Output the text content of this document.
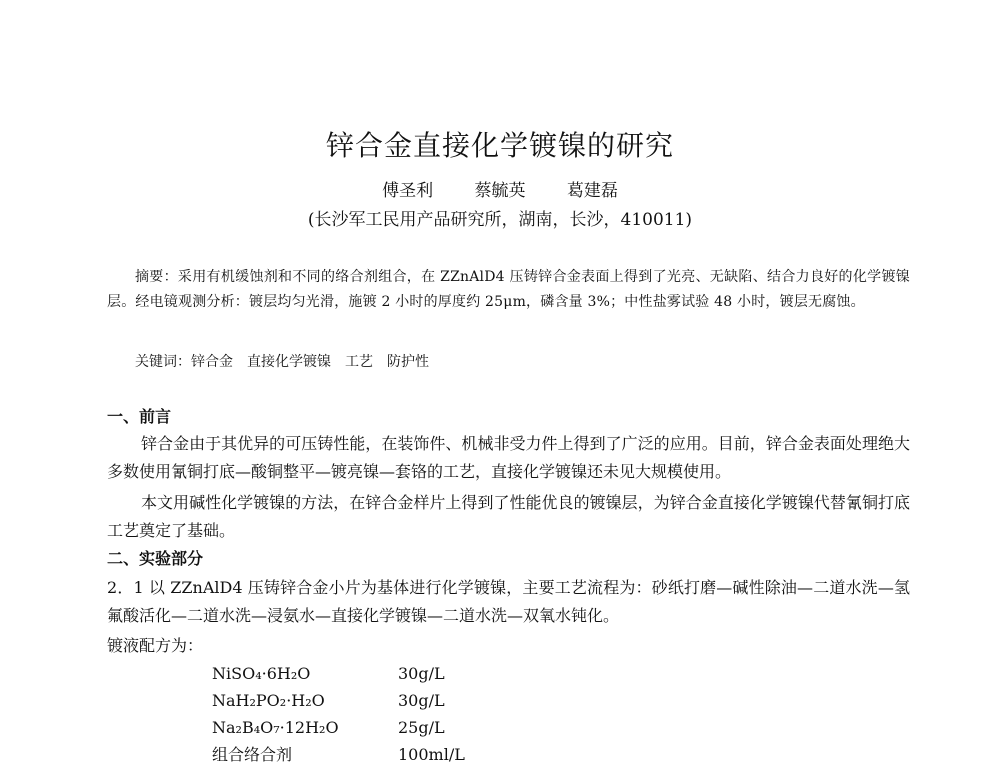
锌合金直接化学镀镍的研究
傅圣利 蔡毓英 葛建磊
(长沙军工民用产品研究所，湖南，长沙，410011)
摘要：采用有机缓蚀剂和不同的络合剂组合，在 ZZnAlD4 压铸锌合金表面上得到了光亮、无缺陷、结合力良好的化学镀镍层。经电镜观测分析：镀层均匀光滑，施镀 2 小时的厚度约 25μm，磷含量 3%；中性盐雾试验 48 小时，镀层无腐蚀。
关键词：锌合金 直接化学镀镍 工艺 防护性
一、前言
锌合金由于其优异的可压铸性能，在装饰件、机械非受力件上得到了广泛的应用。目前，锌合金表面处理绝大多数使用氰铜打底—酸铜整平—镀亮镍—套铬的工艺，直接化学镀镍还未见大规模使用。
本文用碱性化学镀镍的方法，在锌合金样片上得到了性能优良的镀镍层，为锌合金直接化学镀镍代替氰铜打底工艺奠定了基础。
二、实验部分
2．1 以 ZZnAlD4 压铸锌合金小片为基体进行化学镀镍，主要工艺流程为：砂纸打磨—碱性除油—二道水洗—氢氟酸活化—二道水洗—浸氨水—直接化学镀镍—二道水洗—双氧水钝化。
镀液配方为：
NiSO₄·6H₂O	30g/L
NaH₂PO₂·H₂O	30g/L
Na₂B₄O₇·12H₂O	25g/L
组合络合剂	100ml/L
